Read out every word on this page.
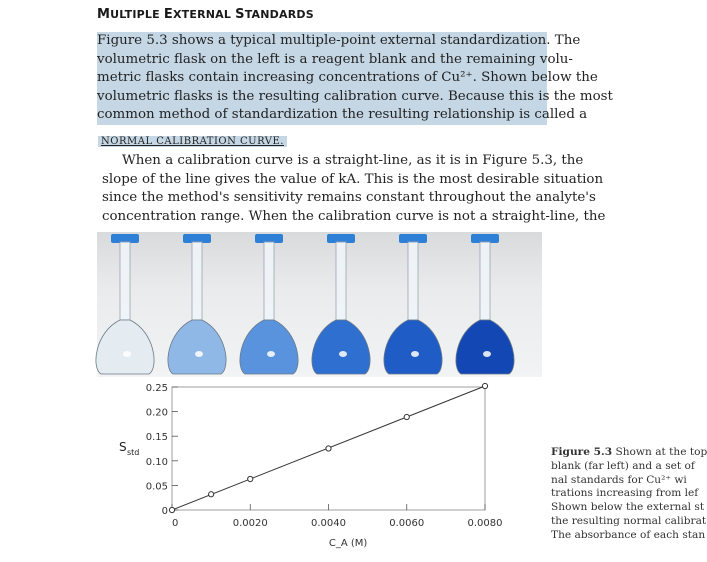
MULTIPLE EXTERNAL STANDARDS
Figure 5.3 shows a typical multiple-point external standardization. The
volumetric flask on the left is a reagent blank and the remaining volu-
metric flasks contain increasing concentrations of Cu²⁺. Shown below the
volumetric flasks is the resulting calibration curve. Because this is the most
common method of standardization the resulting relationship is called a
NORMAL CALIBRATION CURVE.
When a calibration curve is a straight-line, as it is in Figure 5.3, the
slope of the line gives the value of kA. This is the most desirable situation
since the method's sensitivity remains constant throughout the analyte's
concentration range. When the calibration curve is not a straight-line, the
0
0.05
0.10
0.15
0.20
0.25
0	0.0020	0.0040	0.0060	0.0080
S std
C_A (M)
Figure 5.3 Shown at the top
blank (far left) and a set of
nal standards for Cu²⁺ wi
trations increasing from lef
Shown below the external st
the resulting normal calibrat
The absorbance of each stan
